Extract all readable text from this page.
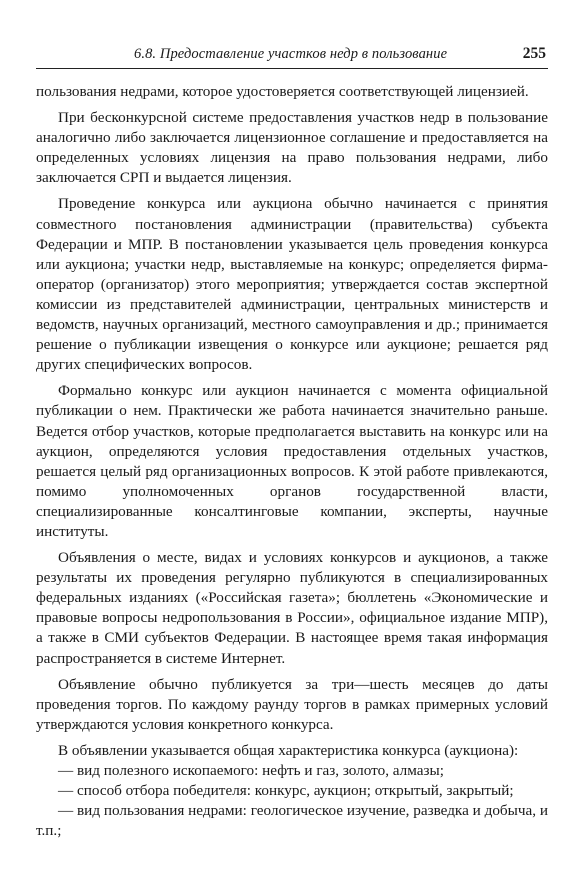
6.8. Предоставление участков недр в пользование	255

пользования недрами, которое удостоверяется соответствующей лицензией.

При бесконкурсной системе предоставления участков недр в пользование аналогично либо заключается лицензионное соглашение и предоставляется на определенных условиях лицензия на право пользования недрами, либо заключается СРП и выдается лицензия.

Проведение конкурса или аукциона обычно начинается с принятия совместного постановления администрации (правительства) субъекта Федерации и МПР. В постановлении указывается цель проведения конкурса или аукциона; участки недр, выставляемые на конкурс; определяется фирма-оператор (организатор) этого мероприятия; утверждается состав экспертной комиссии из представителей администрации, центральных министерств и ведомств, научных организаций, местного самоуправления и др.; принимается решение о публикации извещения о конкурсе или аукционе; решается ряд других специфических вопросов.

Формально конкурс или аукцион начинается с момента официальной публикации о нем. Практически же работа начинается значительно раньше. Ведется отбор участков, которые предполагается выставить на конкурс или на аукцион, определяются условия предоставления отдельных участков, решается целый ряд организационных вопросов. К этой работе привлекаются, помимо уполномоченных органов государственной власти, специализированные консалтинговые компании, эксперты, научные институты.

Объявления о месте, видах и условиях конкурсов и аукционов, а также результаты их проведения регулярно публикуются в специализированных федеральных изданиях («Российская газета»; бюллетень «Экономические и правовые вопросы недропользования в России», официальное издание МПР), а также в СМИ субъектов Федерации. В настоящее время такая информация распространяется в системе Интернет.

Объявление обычно публикуется за три—шесть месяцев до даты проведения торгов. По каждому раунду торгов в рамках примерных условий утверждаются условия конкретного конкурса.

В объявлении указывается общая характеристика конкурса (аукциона):

— вид полезного ископаемого: нефть и газ, золото, алмазы;

— способ отбора победителя: конкурс, аукцион; открытый, закрытый;

— вид пользования недрами: геологическое изучение, разведка и добыча, и т.п.;
